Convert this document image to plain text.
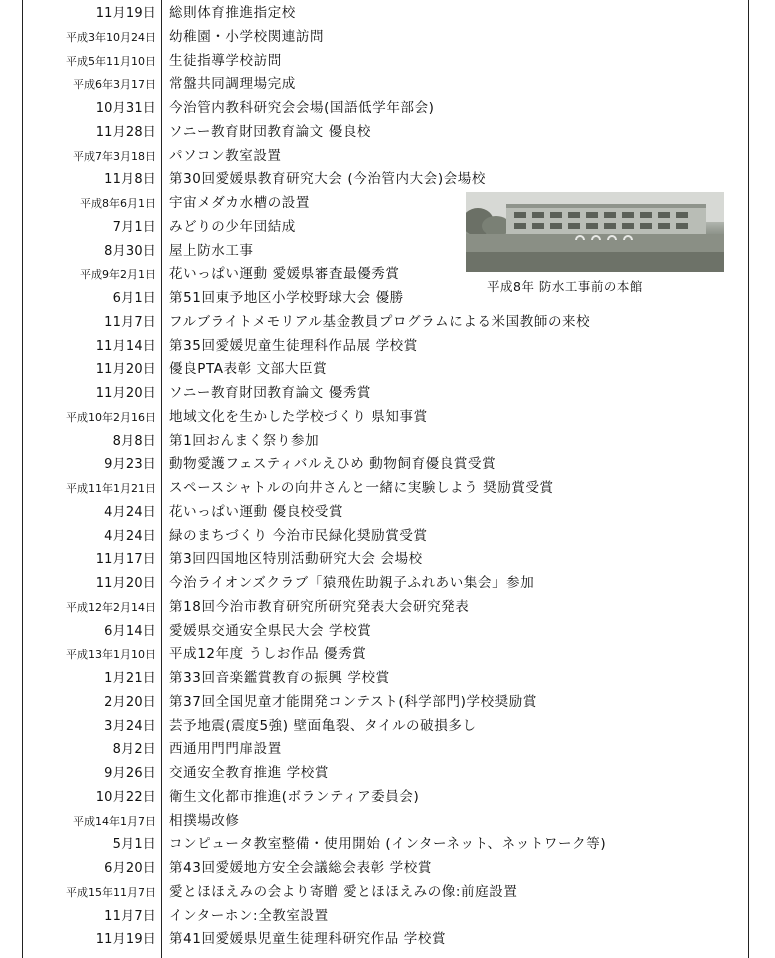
11月19日 総則体育推進指定校
平成3年10月24日 幼稚園・小学校関連訪問
平成5年11月10日 生徒指導学校訪問
平成6年3月17日 常盤共同調理場完成
10月31日 今治管内教科研究会会場(国語低学年部会)
11月28日 ソニー教育財団教育論文 優良校
平成7年3月18日 パソコン教室設置
11月8日 第30回愛媛県教育研究大会 (今治管内大会)会場校
平成8年6月1日 宇宙メダカ水槽の設置
7月1日 みどりの少年団結成
8月30日 屋上防水工事
平成9年2月1日 花いっぱい運動 愛媛県審査最優秀賞
6月1日 第51回東予地区小学校野球大会 優勝
11月7日 フルブライトメモリアル基金教員プログラムによる米国教師の来校
11月14日 第35回愛媛児童生徒理科作品展 学校賞
11月20日 優良PTA表彰 文部大臣賞
11月20日 ソニー教育財団教育論文 優秀賞
平成10年2月16日 地域文化を生かした学校づくり 県知事賞
8月8日 第1回おんまく祭り参加
9月23日 動物愛護フェスティバルえひめ 動物飼育優良賞受賞
平成11年1月21日 スペースシャトルの向井さんと一緒に実験しよう 奨励賞受賞
4月24日 花いっぱい運動 優良校受賞
4月24日 緑のまちづくり 今治市民緑化奨励賞受賞
11月17日 第3回四国地区特別活動研究大会 会場校
11月20日 今治ライオンズクラブ「猿飛佐助親子ふれあい集会」参加
平成12年2月14日 第18回今治市教育研究所研究発表大会研究発表
6月14日 愛媛県交通安全県民大会 学校賞
平成13年1月10日 平成12年度 うしお作品 優秀賞
1月21日 第33回音楽鑑賞教育の振興 学校賞
2月20日 第37回全国児童才能開発コンテスト(科学部門)学校奨励賞
3月24日 芸予地震(震度5強) 壁面亀裂、タイルの破損多し
8月2日 西通用門門扉設置
9月26日 交通安全教育推進 学校賞
10月22日 衛生文化都市推進(ボランティア委員会)
平成14年1月7日 相撲場改修
5月1日 コンピュータ教室整備・使用開始 (インターネット、ネットワーク等)
6月20日 第43回愛媛地方安全会議総会表彰 学校賞
平成15年11月7日 愛とほほえみの会より寄贈 愛とほほえみの像:前庭設置
11月7日 インターホン:全教室設置
11月19日 第41回愛媛県児童生徒理科研究作品 学校賞
平成8年 防水工事前の本館
